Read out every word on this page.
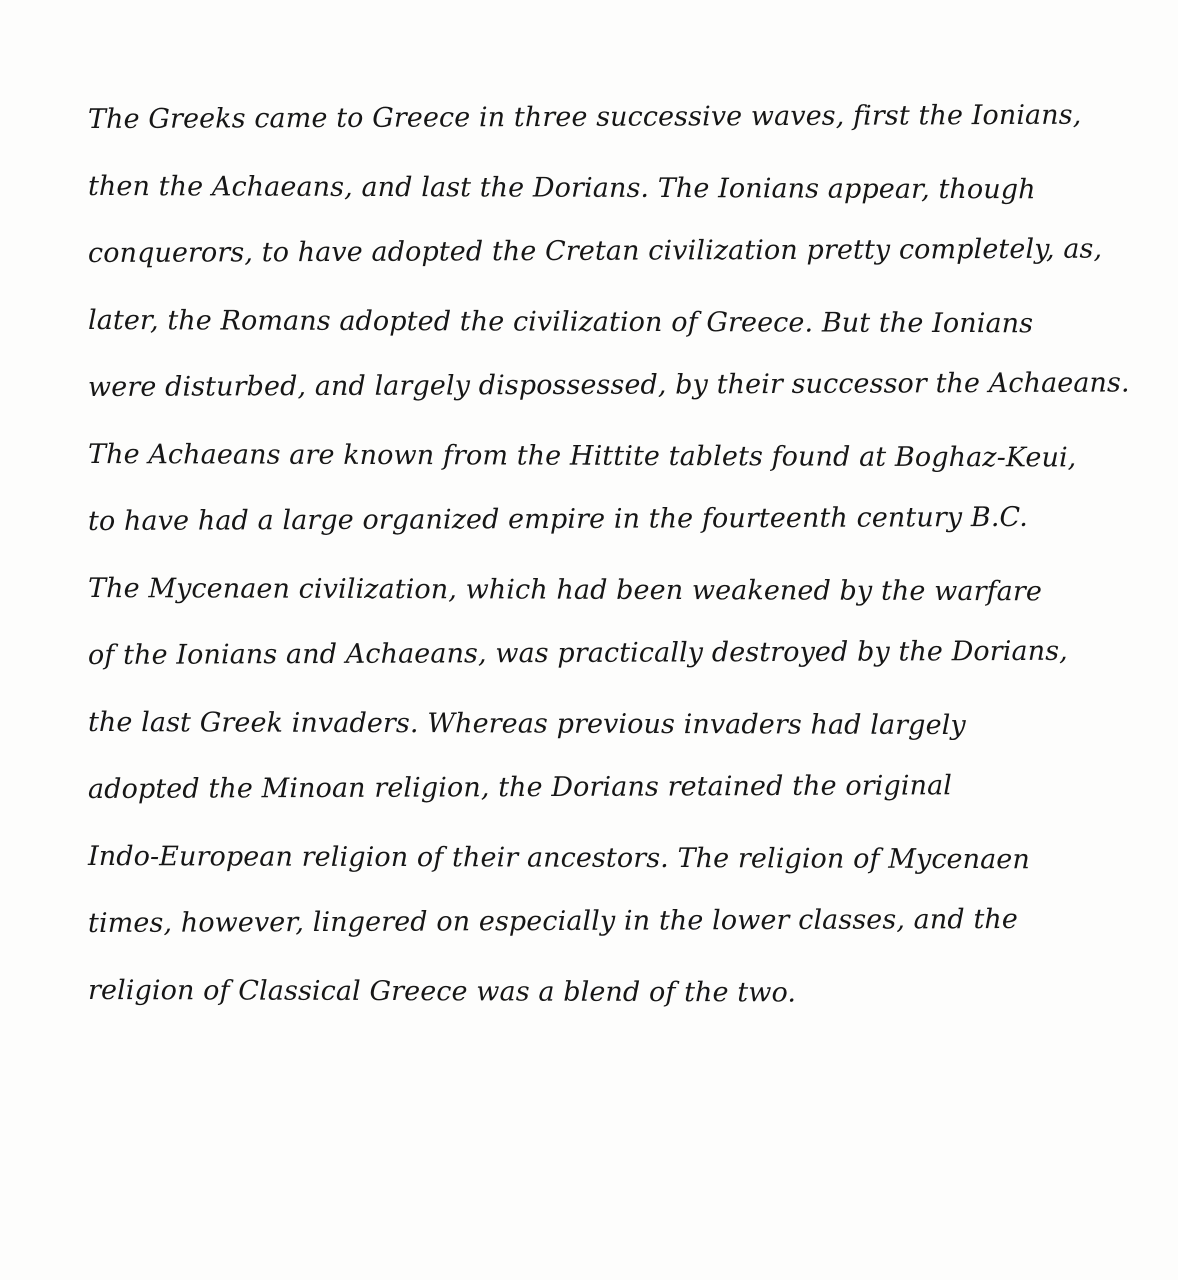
The Greeks came to Greece in three successive waves, first the Ionians,
then the Achaeans, and last the Dorians. The Ionians appear, though
conquerors, to have adopted the Cretan civilization pretty completely, as,
later, the Romans adopted the civilization of Greece. But the Ionians
were disturbed, and largely dispossessed, by their successor the Achaeans.
The Achaeans are known from the Hittite tablets found at Boghaz-Keui,
to have had a large organized empire in the fourteenth century B.C.
The Mycenaen civilization, which had been weakened by the warfare
of the Ionians and Achaeans, was practically destroyed by the Dorians,
the last Greek invaders. Whereas previous invaders had largely
adopted the Minoan religion, the Dorians retained the original
Indo-European religion of their ancestors. The religion of Mycenaen
times, however, lingered on especially in the lower classes, and the
religion of Classical Greece was a blend of the two.
